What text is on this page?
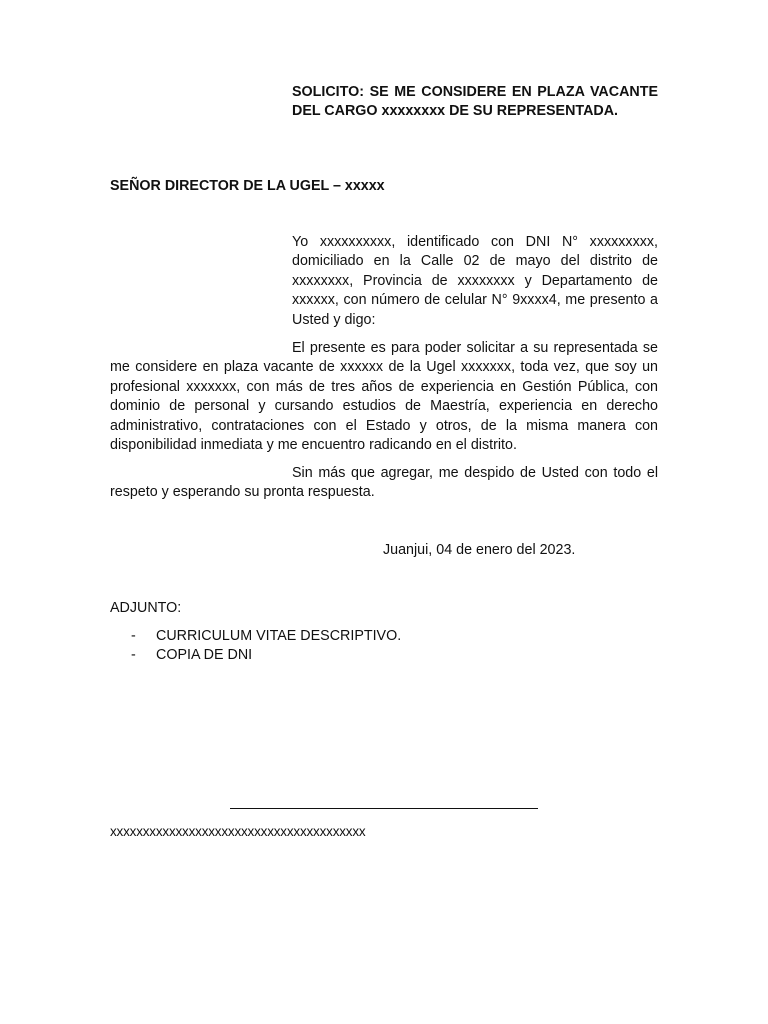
SOLICITO: SE ME CONSIDERE EN PLAZA VACANTE DEL CARGO xxxxxxxx DE SU REPRESENTADA.
SEÑOR DIRECTOR DE LA UGEL – xxxxx
Yo xxxxxxxxxx, identificado con DNI N° xxxxxxxxx, domiciliado en la Calle 02 de mayo del distrito de xxxxxxxx, Provincia de xxxxxxxx y Departamento de xxxxxx, con número de celular N° 9xxxx4, me presento a Usted y digo:
El presente es para poder solicitar a su representada se me considere en plaza vacante de xxxxxx de la Ugel xxxxxxx, toda vez, que soy un profesional xxxxxxx, con más de tres años de experiencia en Gestión Pública, con dominio de personal y cursando estudios de Maestría, experiencia en derecho administrativo, contrataciones con el Estado y otros, de la misma manera con disponibilidad inmediata y me encuentro radicando en el distrito.
Sin más que agregar, me despido de Usted con todo el respeto y esperando su pronta respuesta.
Juanjui, 04 de enero del 2023.
ADJUNTO:
- CURRICULUM VITAE DESCRIPTIVO.
- COPIA DE DNI
xxxxxxxxxxxxxxxxxxxxxxxxxxxxxxxxxxxxxxx
